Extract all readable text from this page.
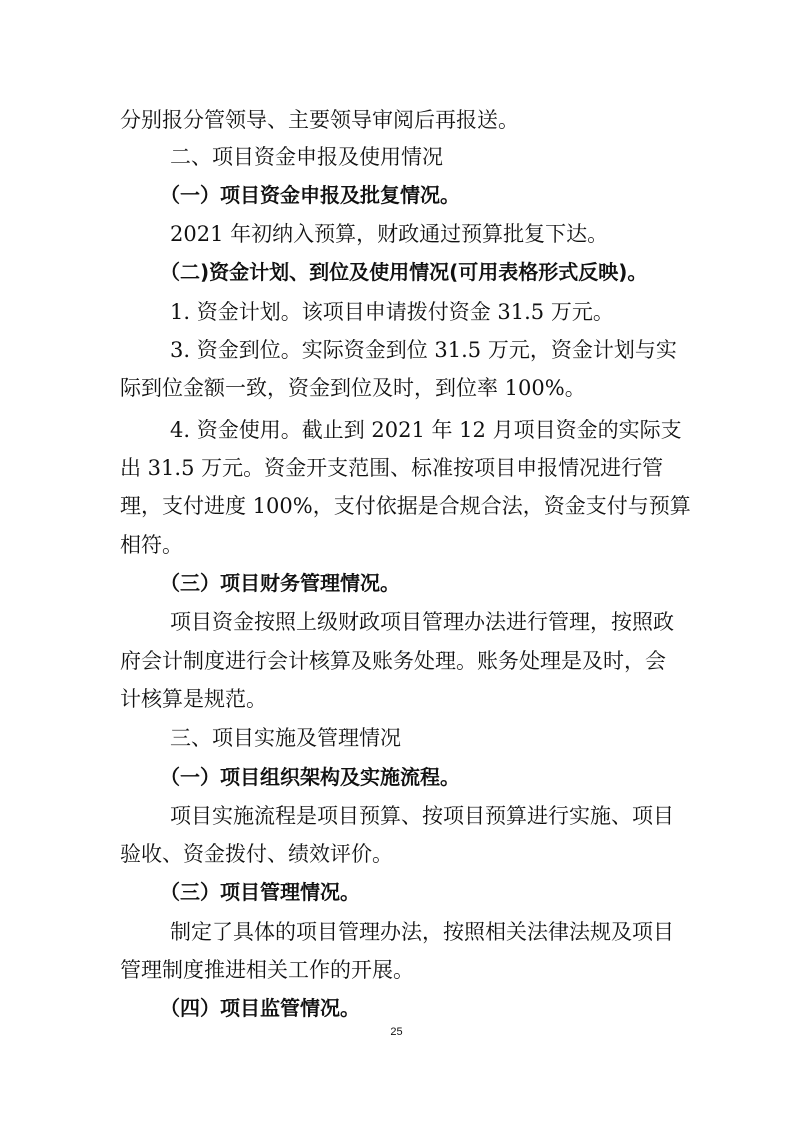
分别报分管领导、主要领导审阅后再报送。
二、项目资金申报及使用情况
（一）项目资金申报及批复情况。
2021 年初纳入预算，财政通过预算批复下达。
（二)资金计划、到位及使用情况(可用表格形式反映)。
1. 资金计划。该项目申请拨付资金 31.5 万元。
3. 资金到位。实际资金到位 31.5 万元，资金计划与实
际到位金额一致，资金到位及时，到位率 100%。
4. 资金使用。截止到 2021 年 12 月项目资金的实际支
出 31.5 万元。资金开支范围、标准按项目申报情况进行管
理，支付进度 100%，支付依据是合规合法，资金支付与预算
相符。
（三）项目财务管理情况。
项目资金按照上级财政项目管理办法进行管理，按照政
府会计制度进行会计核算及账务处理。账务处理是及时，会
计核算是规范。
三、项目实施及管理情况
（一）项目组织架构及实施流程。
项目实施流程是项目预算、按项目预算进行实施、项目
验收、资金拨付、绩效评价。
（三）项目管理情况。
制定了具体的项目管理办法，按照相关法律法规及项目
管理制度推进相关工作的开展。
（四）项目监管情况。
25
